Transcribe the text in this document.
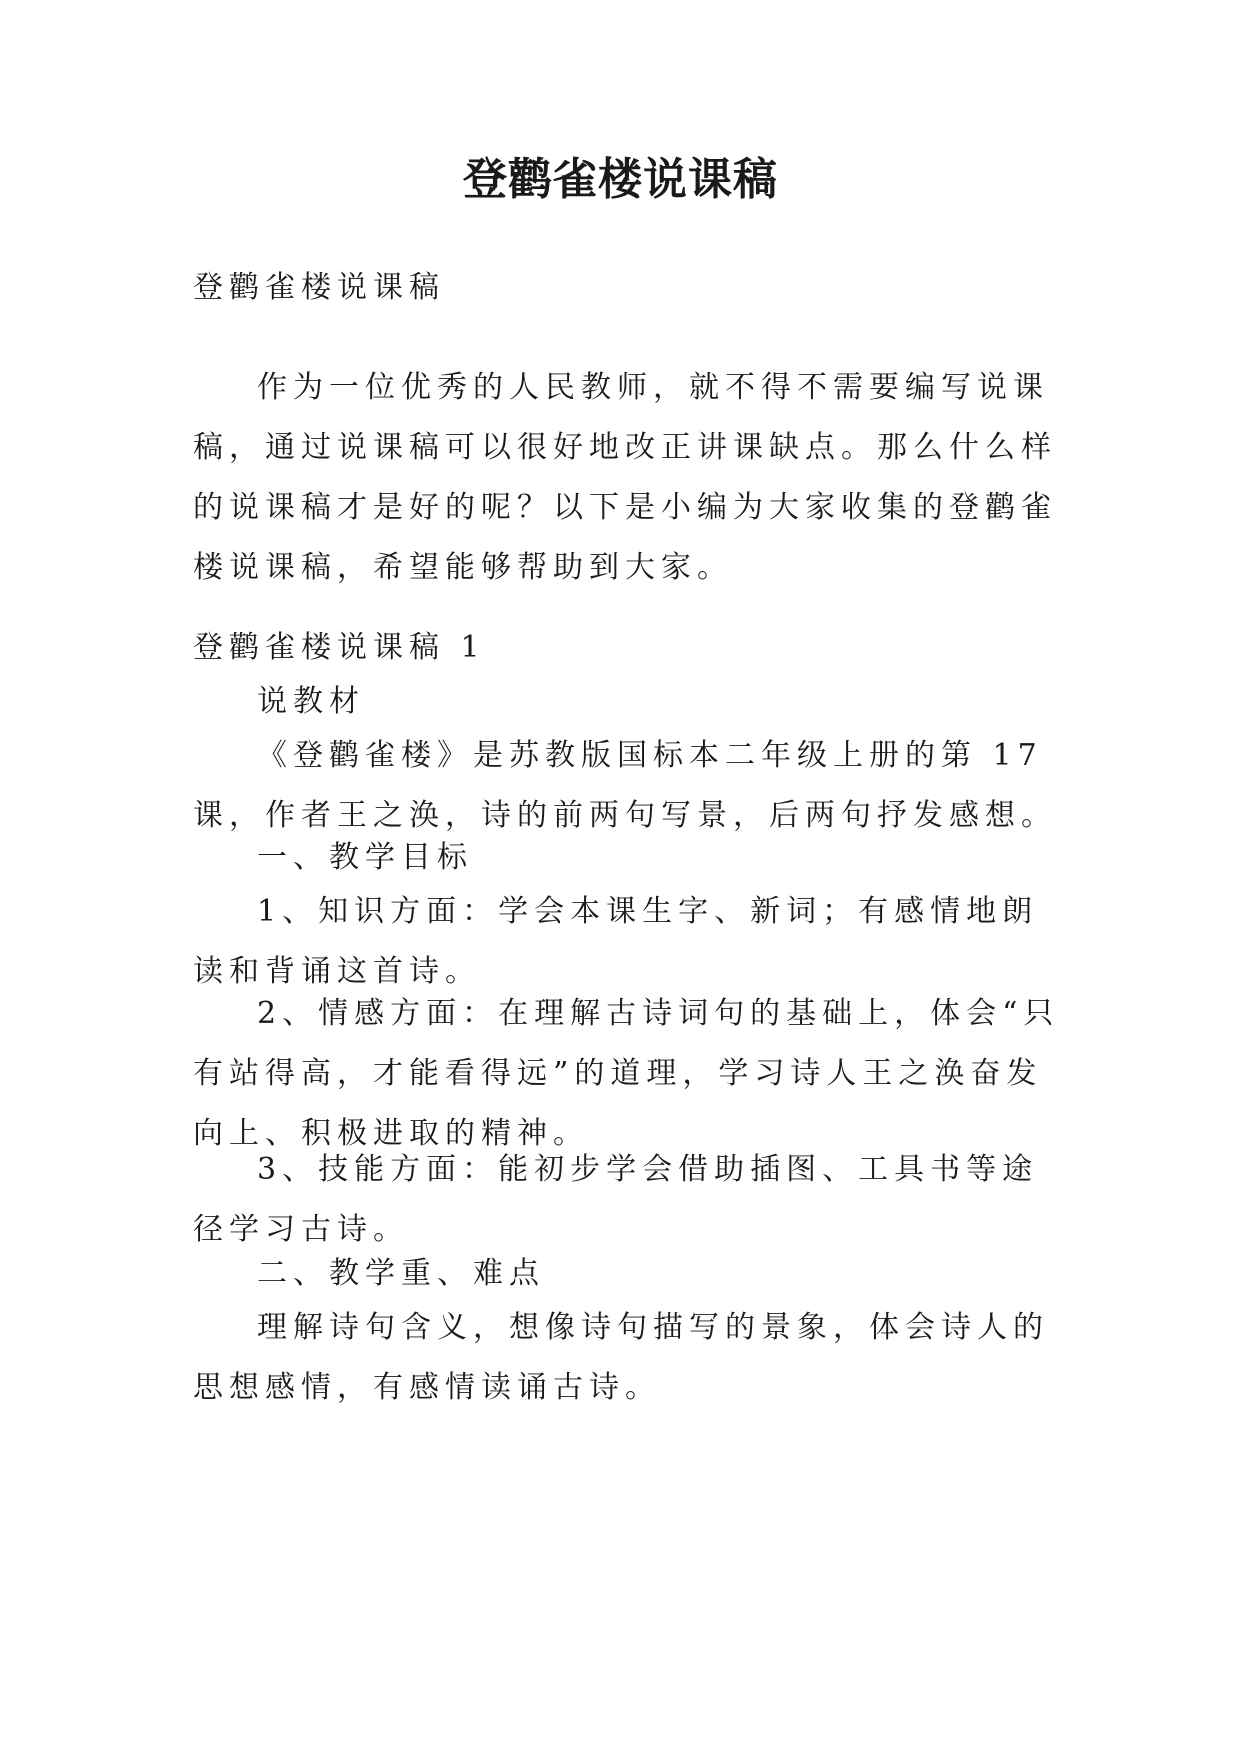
登鹳雀楼说课稿

登鹳雀楼说课稿

作为一位优秀的人民教师，就不得不需要编写说课稿，通过说课稿可以很好地改正讲课缺点。那么什么样的说课稿才是好的呢？以下是小编为大家收集的登鹳雀楼说课稿，希望能够帮助到大家。

登鹳雀楼说课稿 1

说教材

《登鹳雀楼》是苏教版国标本二年级上册的第 17 课，作者王之涣，诗的前两句写景，后两句抒发感想。

一、教学目标

1、知识方面：学会本课生字、新词；有感情地朗读和背诵这首诗。

2、情感方面：在理解古诗词句的基础上，体会“只有站得高，才能看得远”的道理，学习诗人王之涣奋发向上、积极进取的精神。

3、技能方面：能初步学会借助插图、工具书等途径学习古诗。

二、教学重、难点

理解诗句含义，想像诗句描写的景象，体会诗人的思想感情，有感情读诵古诗。
